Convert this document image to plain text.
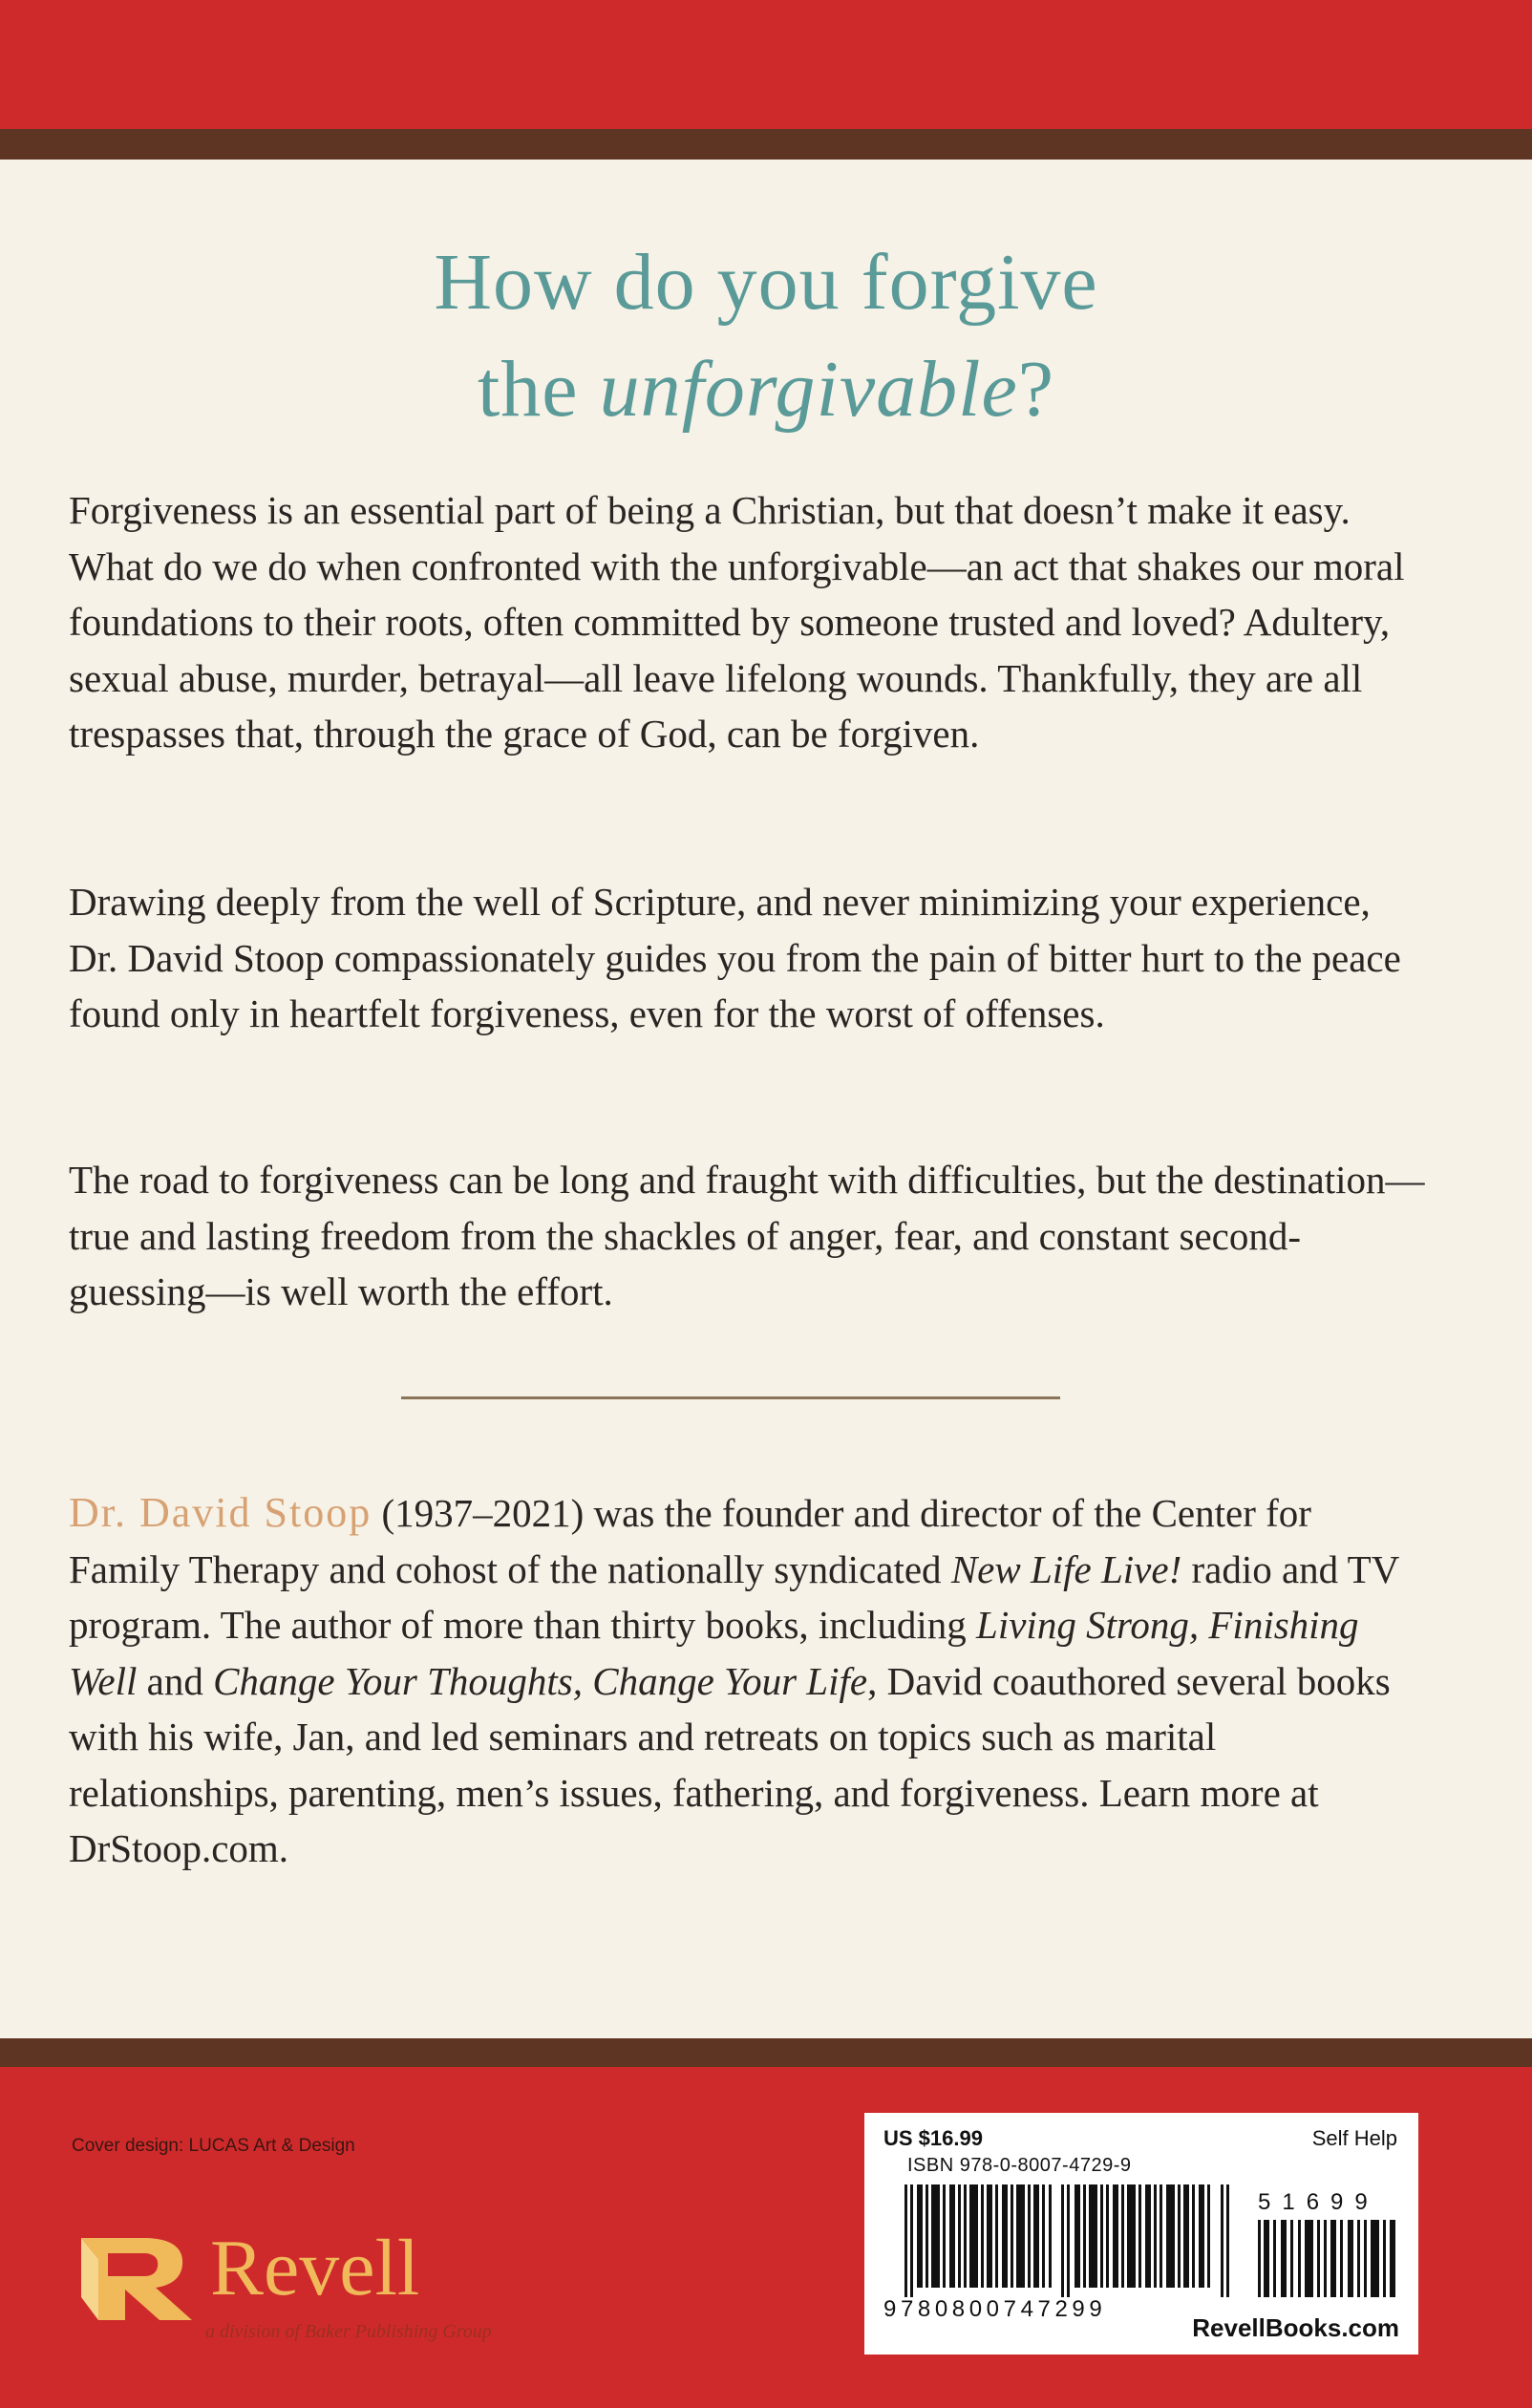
How do you forgive
the unforgivable?

Forgiveness is an essential part of being a Christian, but that doesn’t make it easy. What do we do when confronted with the unforgivable—an act that shakes our moral foundations to their roots, often committed by someone trusted and loved? Adultery, sexual abuse, murder, betrayal—all leave lifelong wounds. Thankfully, they are all trespasses that, through the grace of God, can be forgiven.

Drawing deeply from the well of Scripture, and never minimizing your experience, Dr. David Stoop compassionately guides you from the pain of bitter hurt to the peace found only in heartfelt forgiveness, even for the worst of offenses.

The road to forgiveness can be long and fraught with difficulties, but the destination—true and lasting freedom from the shackles of anger, fear, and constant second-guessing—is well worth the effort.

Dr. David Stoop (1937–2021) was the founder and director of the Center for Family Therapy and cohost of the nationally syndicated New Life Live! radio and TV program. The author of more than thirty books, including Living Strong, Finishing Well and Change Your Thoughts, Change Your Life, David coauthored several books with his wife, Jan, and led seminars and retreats on topics such as marital relationships, parenting, men’s issues, fathering, and forgiveness. Learn more at DrStoop.com.

Cover design: LUCAS Art & Design
Revell
a division of Baker Publishing Group
US $16.99	Self Help
ISBN 978-0-8007-4729-9
51699
9780800747299
RevellBooks.com
